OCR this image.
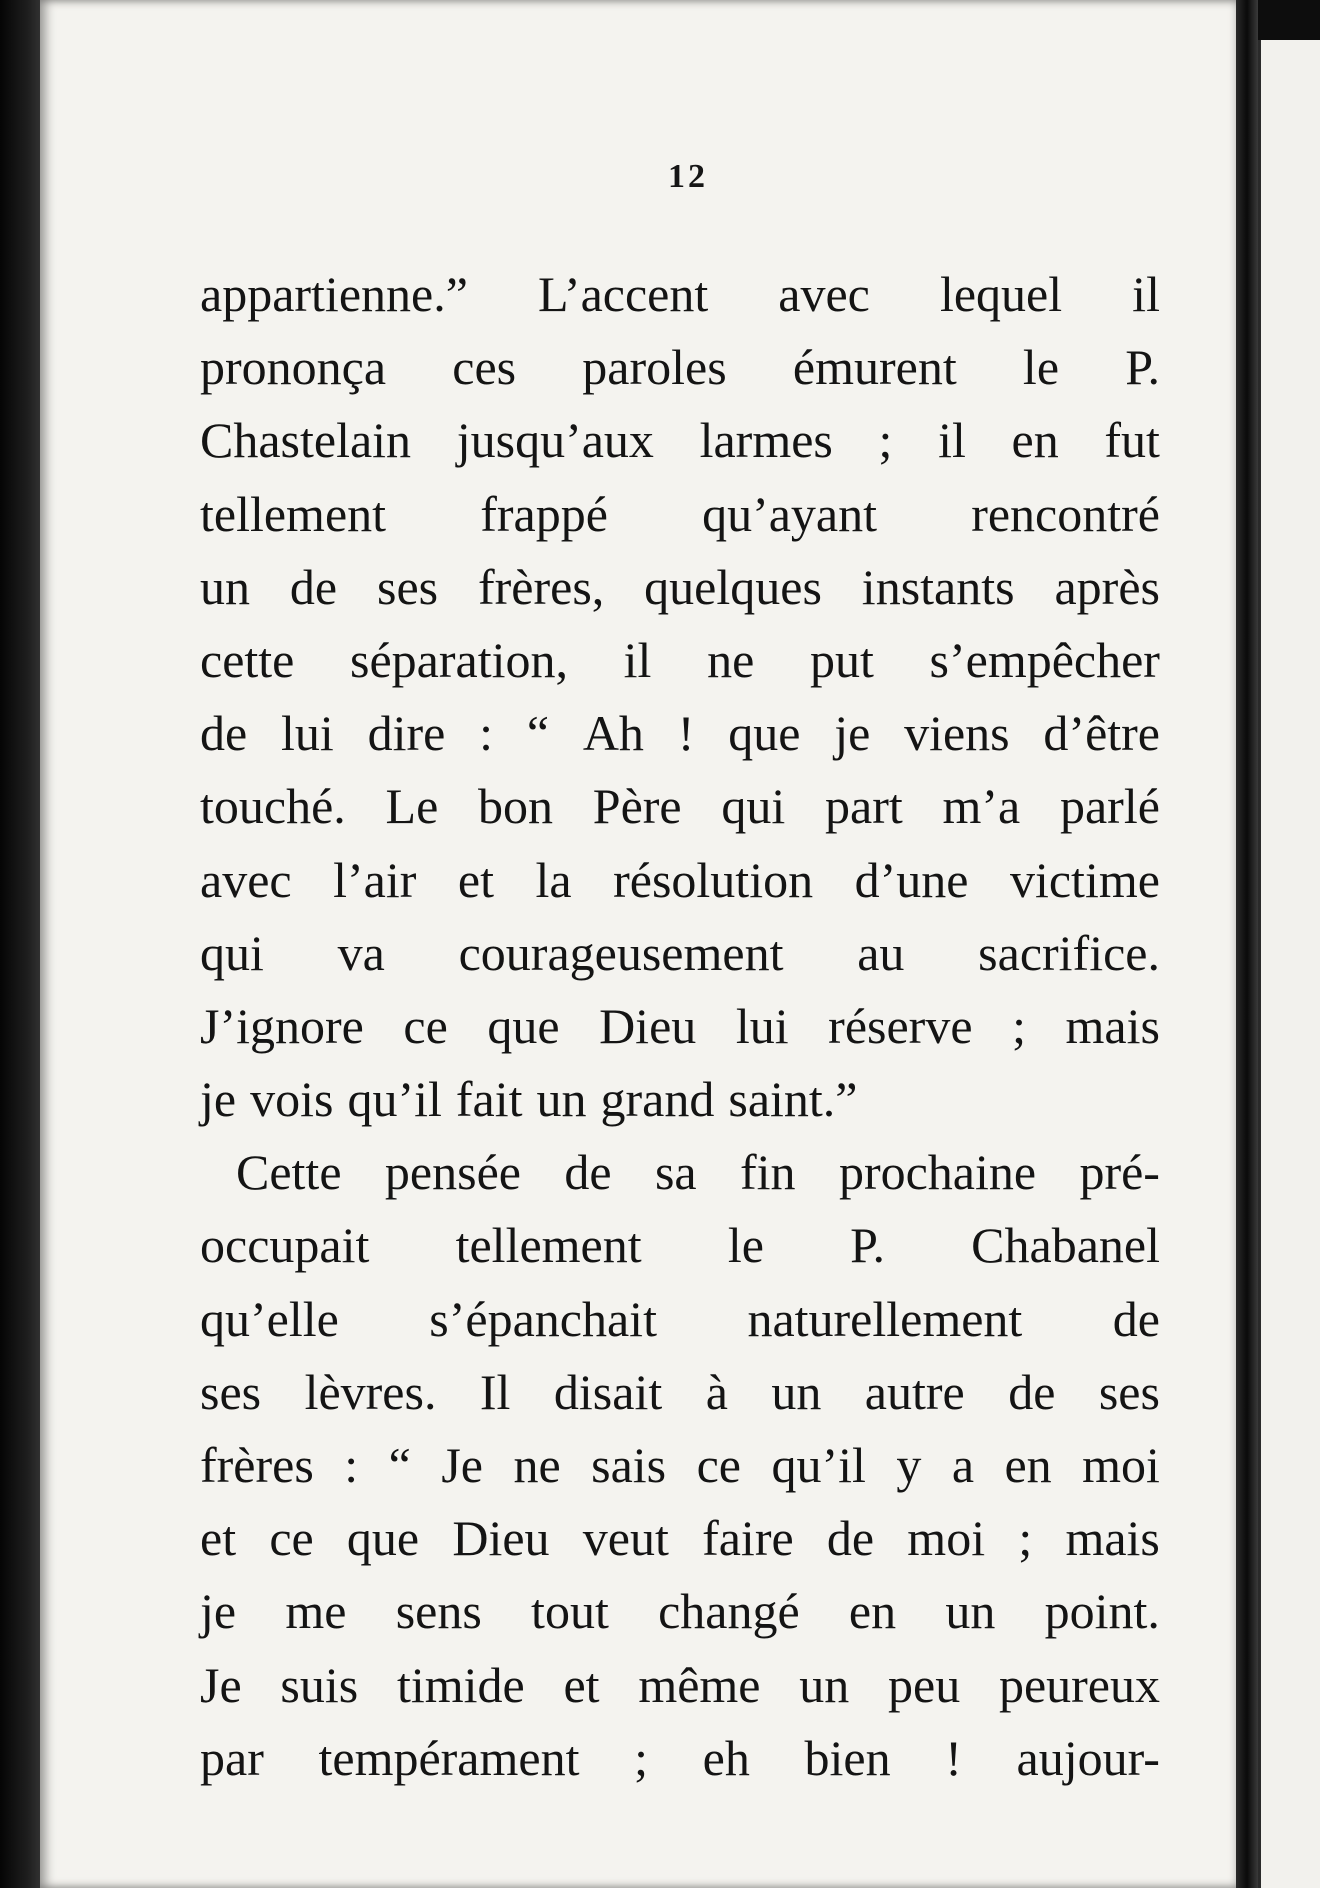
12
appartienne.” L’accent avec lequel il
prononça ces paroles émurent le P.
Chastelain jusqu’aux larmes ; il en fut
tellement frappé qu’ayant rencontré
un de ses frères, quelques instants après
cette séparation, il ne put s’empêcher
de lui dire : “ Ah ! que je viens d’être
touché. Le bon Père qui part m’a parlé
avec l’air et la résolution d’une victime
qui va courageusement au sacrifice.
J’ignore ce que Dieu lui réserve ; mais
je vois qu’il fait un grand saint.”
Cette pensée de sa fin prochaine pré-
occupait tellement le P. Chabanel
qu’elle s’épanchait naturellement de
ses lèvres. Il disait à un autre de ses
frères : “ Je ne sais ce qu’il y a en moi
et ce que Dieu veut faire de moi ; mais
je me sens tout changé en un point.
Je suis timide et même un peu peureux
par tempérament ; eh bien ! aujour-
